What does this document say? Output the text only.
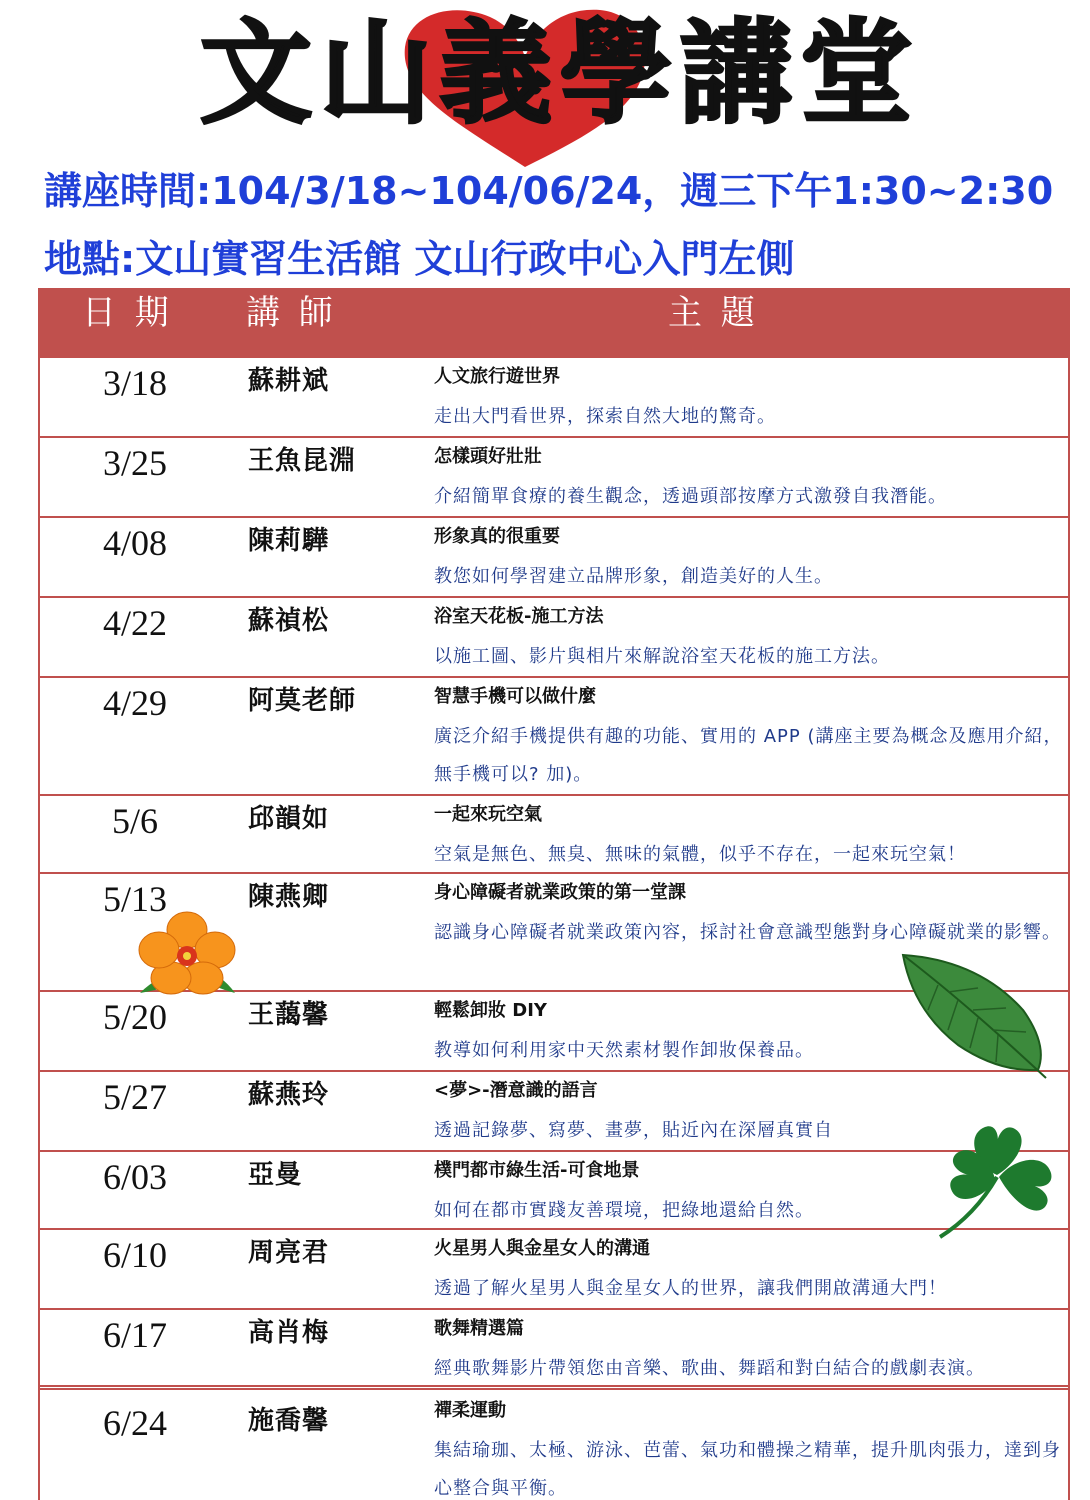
文山義學講堂
講座時間:104/3/18~104/06/24，週三下午1:30~2:30
地點:文山實習生活館 文山行政中心入門左側
日 期 講 師	主 題
3/18	蘇耕斌	人文旅行遊世界
走出大門看世界，探索自然大地的驚奇。
3/25	王魚昆淵	怎樣頭好壯壯
介紹簡單食療的養生觀念，透過頭部按摩方式激發自我潛能。
4/08	陳莉驊	形象真的很重要
教您如何學習建立品牌形象，創造美好的人生。
4/22	蘇禎松	浴室天花板-施工方法
以施工圖、影片與相片來解說浴室天花板的施工方法。
4/29	阿莫老師	智慧手機可以做什麼
廣泛介紹手機提供有趣的功能、實用的 APP (講座主要為概念及應用介紹，無手機可以? 加)。
5/6	邱韻如	一起來玩空氣
空氣是無色、無臭、無味的氣體，似乎不存在，一起來玩空氣！
5/13	陳燕卿	身心障礙者就業政策的第一堂課
認識身心障礙者就業政策內容，採討社會意識型態對身心障礙就業的影響。
5/20	王藹馨	輕鬆卸妝 DIY
教導如何利用家中天然素材製作卸妝保養品。
5/27	蘇燕玲	<夢>-潛意識的語言
透過記錄夢、寫夢、畫夢，貼近內在深層真實自
6/03	亞曼	樸門都市綠生活-可食地景
如何在都市實踐友善環境，把綠地還給自然。
6/10	周亮君	火星男人與金星女人的溝通
透過了解火星男人與金星女人的世界，讓我們開啟溝通大門！
6/17	高肖梅	歌舞精選篇
經典歌舞影片帶領您由音樂、歌曲、舞蹈和對白結合的戲劇表演。
6/24	施喬馨	禪柔運動
集結瑜珈、太極、游泳、芭蕾、氣功和體操之精華，提升肌肉張力，達到身心整合與平衡。
